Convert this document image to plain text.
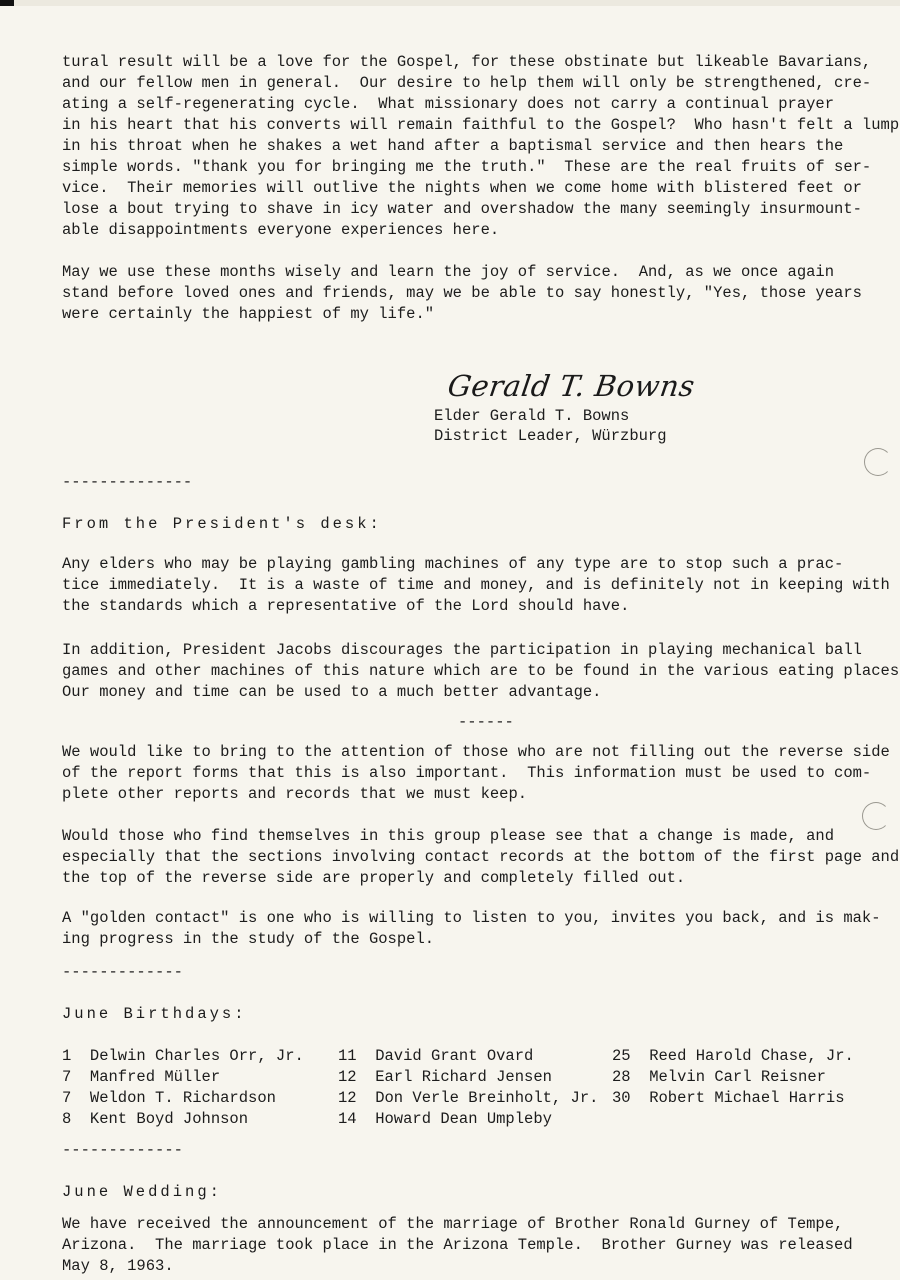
tural result will be a love for the Gospel, for these obstinate but likeable Bavarians,

and our fellow men in general.  Our desire to help them will only be strengthened, cre-

ating a self-regenerating cycle.  What missionary does not carry a continual prayer

in his heart that his converts will remain faithful to the Gospel?  Who hasn't felt a lump

in his throat when he shakes a wet hand after a baptismal service and then hears the

simple words. "thank you for bringing me the truth."  These are the real fruits of ser-

vice.  Their memories will outlive the nights when we come home with blistered feet or

lose a bout trying to shave in icy water and overshadow the many seemingly insurmount-

able disappointments everyone experiences here.

May we use these months wisely and learn the joy of service.  And, as we once again

stand before loved ones and friends, may we be able to say honestly, "Yes, those years

were certainly the happiest of my life."

Gerald T. Bowns
Elder Gerald T. Bowns
District Leader, Würzburg
--------------
From the President's desk:

Any elders who may be playing gambling machines of any type are to stop such a prac-

tice immediately.  It is a waste of time and money, and is definitely not in keeping with

the standards which a representative of the Lord should have.

In addition, President Jacobs discourages the participation in playing mechanical ball

games and other machines of this nature which are to be found in the various eating places

Our money and time can be used to a much better advantage.

------

We would like to bring to the attention of those who are not filling out the reverse side

of the report forms that this is also important.  This information must be used to com-

plete other reports and records that we must keep.

Would those who find themselves in this group please see that a change is made, and

especially that the sections involving contact records at the bottom of the first page and

the top of the reverse side are properly and completely filled out.

A "golden contact" is one who is willing to listen to you, invites you back, and is mak-

ing progress in the study of the Gospel.

-------------
June Birthdays:
1  Delwin Charles Orr, Jr.
7  Manfred Müller
7  Weldon T. Richardson
8  Kent Boyd Johnson
11  David Grant Ovard
12  Earl Richard Jensen
12  Don Verle Breinholt, Jr.
14  Howard Dean Umpleby
25  Reed Harold Chase, Jr.
28  Melvin Carl Reisner
30  Robert Michael Harris
-------------
June Wedding:

We have received the announcement of the marriage of Brother Ronald Gurney of Tempe,

Arizona.  The marriage took place in the Arizona Temple.  Brother Gurney was released

May 8, 1963.
